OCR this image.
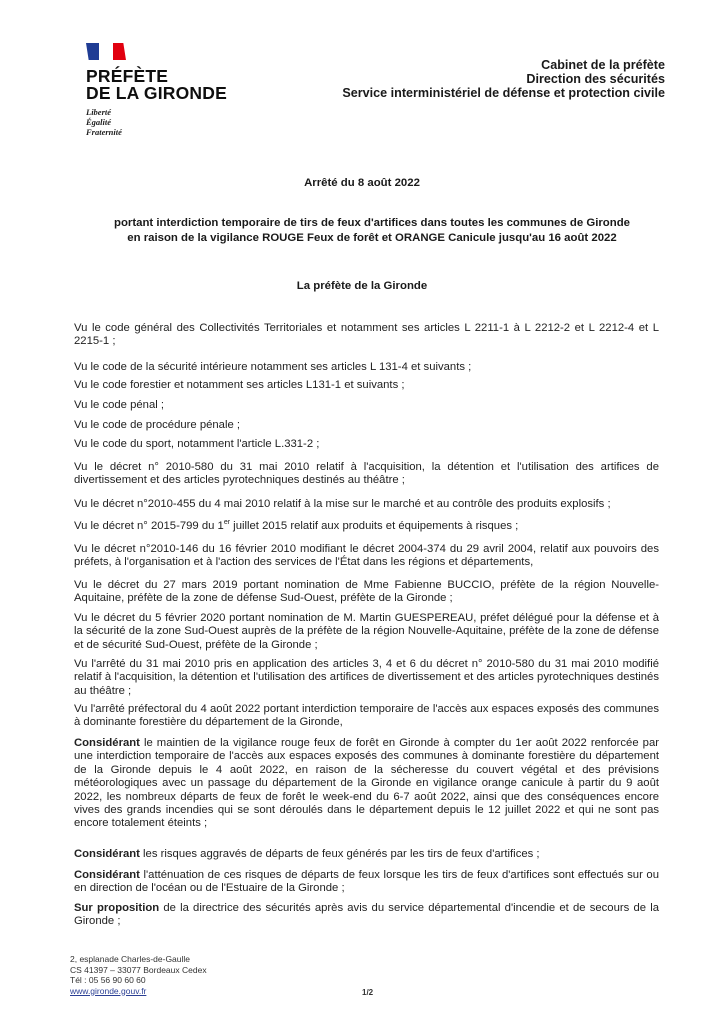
PRÉFÈTE
DE LA GIRONDE
Liberté
Égalité
Fraternité
Cabinet de la préfète
Direction des sécurités
Service interministériel de défense et protection civile
Arrêté du 8 août 2022
portant interdiction temporaire de tirs de feux d'artifices dans toutes les communes de Gironde
en raison de la vigilance ROUGE Feux de forêt et ORANGE Canicule jusqu'au 16 août 2022
La préfète de la Gironde
Vu le code général des Collectivités Territoriales et notamment ses articles L 2211-1 à L 2212-2 et L 2212-4 et L 2215-1 ;
Vu le code de la sécurité intérieure notamment ses articles L 131-4 et suivants ;
Vu le code forestier et notamment ses articles L131-1 et suivants ;
Vu le code pénal ;
Vu le code de procédure pénale ;
Vu le code du sport, notamment l'article L.331-2 ;
Vu le décret n° 2010-580 du 31 mai 2010 relatif à l'acquisition, la détention et l'utilisation des artifices de divertissement et des articles pyrotechniques destinés au théâtre ;
Vu le décret n°2010-455 du 4 mai 2010 relatif à la mise sur le marché et au contrôle des produits explosifs ;
Vu le décret n° 2015-799 du 1er juillet 2015 relatif aux produits et équipements à risques ;
Vu le décret n°2010-146 du 16 février 2010 modifiant le décret 2004-374 du 29 avril 2004, relatif aux pouvoirs des préfets, à l'organisation et à l'action des services de l'État dans les régions et départements,
Vu le décret du 27 mars 2019 portant nomination de Mme Fabienne BUCCIO, préfète de la région Nouvelle-Aquitaine, préfète de la zone de défense Sud-Ouest, préfète de la Gironde ;
Vu le décret du 5 février 2020 portant nomination de M. Martin GUESPEREAU, préfet délégué pour la défense et à la sécurité de la zone Sud-Ouest auprès de la préfète de la région Nouvelle-Aquitaine, préfète de la zone de défense et de sécurité Sud-Ouest, préfète de la Gironde ;
Vu l'arrêté du 31 mai 2010 pris en application des articles 3, 4 et 6 du décret n° 2010-580 du 31 mai 2010 modifié relatif à l'acquisition, la détention et l'utilisation des artifices de divertissement et des articles pyrotechniques destinés au théâtre ;
Vu l'arrêté préfectoral du 4 août 2022 portant interdiction temporaire de l'accès aux espaces exposés des communes à dominante forestière du département de la Gironde,
Considérant le maintien de la vigilance rouge feux de forêt en Gironde à compter du 1er août 2022 renforcée par une interdiction temporaire de l'accès aux espaces exposés des communes à dominante forestière du département de la Gironde depuis le 4 août 2022, en raison de la sécheresse du couvert végétal et des prévisions météorologiques avec un passage du département de la Gironde en vigilance orange canicule à partir du 9 août 2022, les nombreux départs de feux de forêt le week-end du 6-7 août 2022, ainsi que des conséquences encore vives des grands incendies qui se sont déroulés dans le département depuis le 12 juillet 2022 et qui ne sont pas encore totalement éteints ;
Considérant les risques aggravés de départs de feux générés par les tirs de feux d'artifices ;
Considérant l'atténuation de ces risques de départs de feux lorsque les tirs de feux d'artifices sont effectués sur ou en direction de l'océan ou de l'Estuaire de la Gironde ;
Sur proposition de la directrice des sécurités après avis du service départemental d'incendie et de secours de la Gironde ;
2, esplanade Charles-de-Gaulle
CS 41397 – 33077 Bordeaux Cedex
Tél : 05 56 90 60 60
www.gironde.gouv.fr	1/2
